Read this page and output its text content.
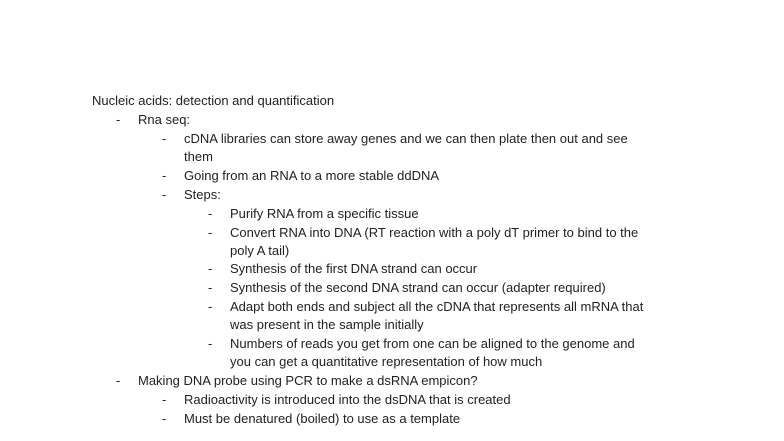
Nucleic acids: detection and quantification
- Rna seq:
- cDNA libraries can store away genes and we can then plate then out and see
them
- Going from an RNA to a more stable ddDNA
- Steps:
- Purify RNA from a specific tissue
- Convert RNA into DNA (RT reaction with a poly dT primer to bind to the
poly A tail)
- Synthesis of the first DNA strand can occur
- Synthesis of the second DNA strand can occur (adapter required)
- Adapt both ends and subject all the cDNA that represents all mRNA that
was present in the sample initially
- Numbers of reads you get from one can be aligned to the genome and
you can get a quantitative representation of how much
- Making DNA probe using PCR to make a dsRNA empicon?
- Radioactivity is introduced into the dsDNA that is created
- Must be denatured (boiled) to use as a template
